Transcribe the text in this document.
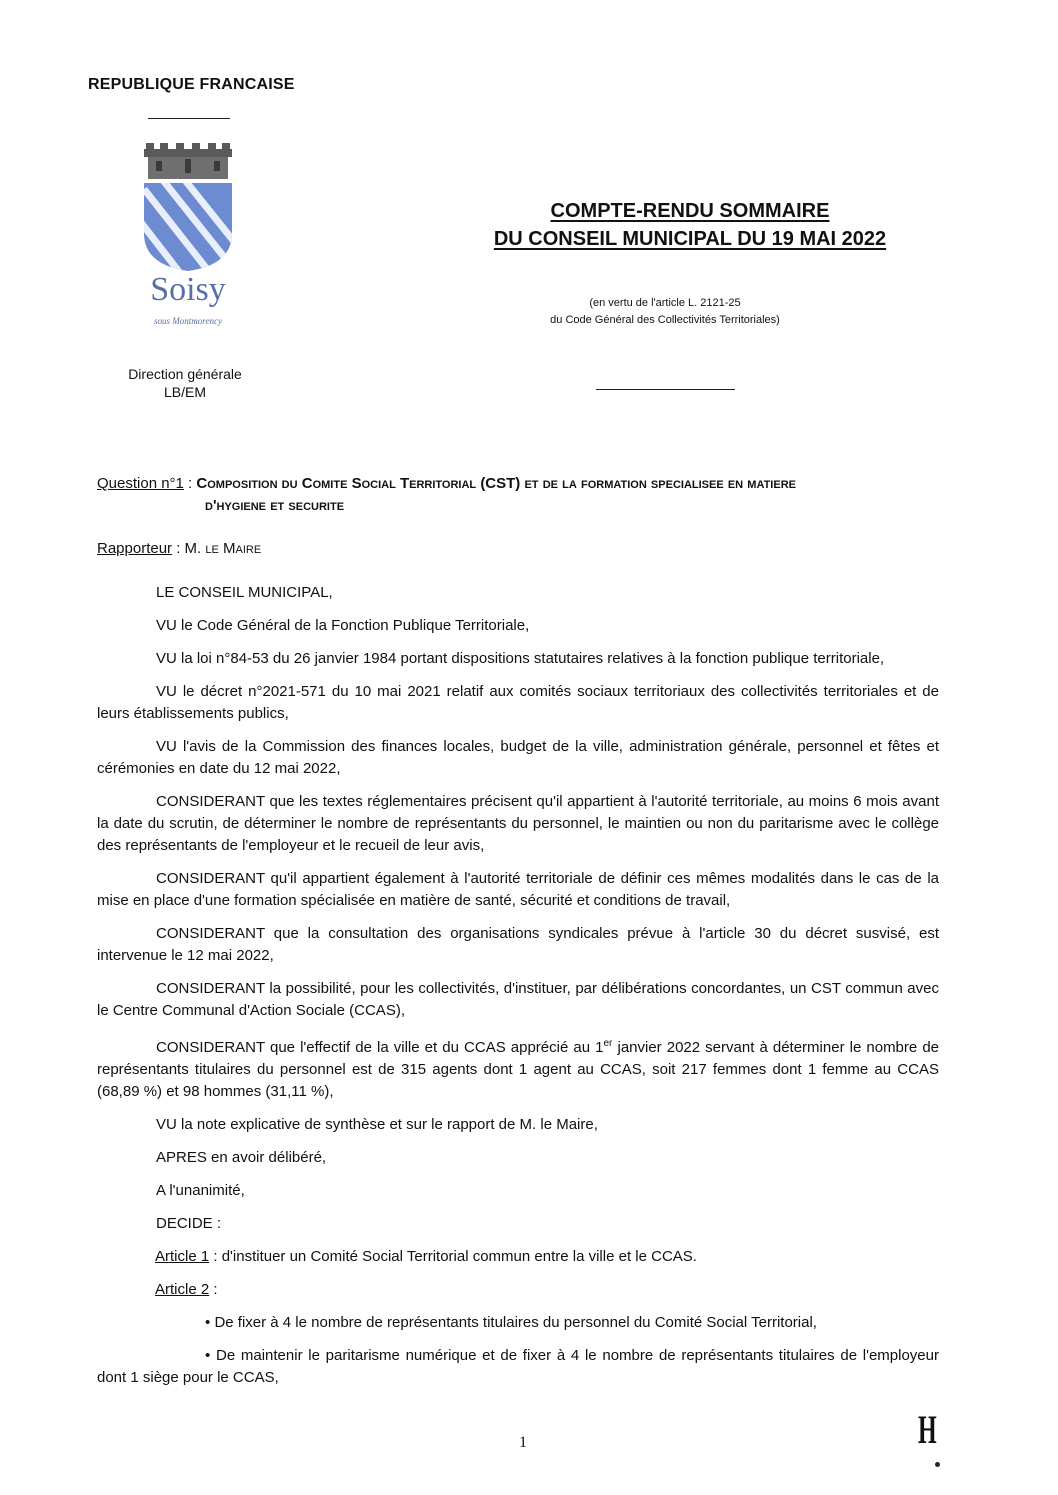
REPUBLIQUE FRANCAISE
Soisy
sous Montmorency
COMPTE-RENDU SOMMAIRE
DU CONSEIL MUNICIPAL DU 19 MAI 2022
(en vertu de l'article L. 2121-25
du Code Général des Collectivités Territoriales)
Direction générale
LB/EM
Question n°1 : Composition du Comite Social Territorial (CST) et de la formation specialisee en matiere
d'hygiene et securite
Rapporteur : M. le Maire

LE CONSEIL MUNICIPAL,

VU le Code Général de la Fonction Publique Territoriale,

VU la loi n°84-53 du 26 janvier 1984 portant dispositions statutaires relatives à la fonction publique territoriale,

VU le décret n°2021-571 du 10 mai 2021 relatif aux comités sociaux territoriaux des collectivités territoriales et de leurs établissements publics,

VU l'avis de la Commission des finances locales, budget de la ville, administration générale, personnel et fêtes et cérémonies en date du 12 mai 2022,

CONSIDERANT que les textes réglementaires précisent qu'il appartient à l'autorité territoriale, au moins 6 mois avant la date du scrutin, de déterminer le nombre de représentants du personnel, le maintien ou non du paritarisme avec le collège des représentants de l'employeur et le recueil de leur avis,

CONSIDERANT qu'il appartient également à l'autorité territoriale de définir ces mêmes modalités dans le cas de la mise en place d'une formation spécialisée en matière de santé, sécurité et conditions de travail,

CONSIDERANT que la consultation des organisations syndicales prévue à l'article 30 du décret susvisé, est intervenue le 12 mai 2022,

CONSIDERANT la possibilité, pour les collectivités, d'instituer, par délibérations concordantes, un CST commun avec le Centre Communal d'Action Sociale (CCAS),

CONSIDERANT que l'effectif de la ville et du CCAS apprécié au 1er janvier 2022 servant à déterminer le nombre de représentants titulaires du personnel est de 315 agents dont 1 agent au CCAS, soit 217 femmes dont 1 femme au CCAS (68,89 %) et 98 hommes (31,11 %),

VU la note explicative de synthèse et sur le rapport de M. le Maire,

APRES en avoir délibéré,

A l'unanimité,

DECIDE :

Article 1 : d'instituer un Comité Social Territorial commun entre la ville et le CCAS.

Article 2 :

• De fixer à 4 le nombre de représentants titulaires du personnel du Comité Social Territorial,

• De maintenir le paritarisme numérique et de fixer à 4 le nombre de représentants titulaires de l'employeur dont 1 siège pour le CCAS,

1	H
